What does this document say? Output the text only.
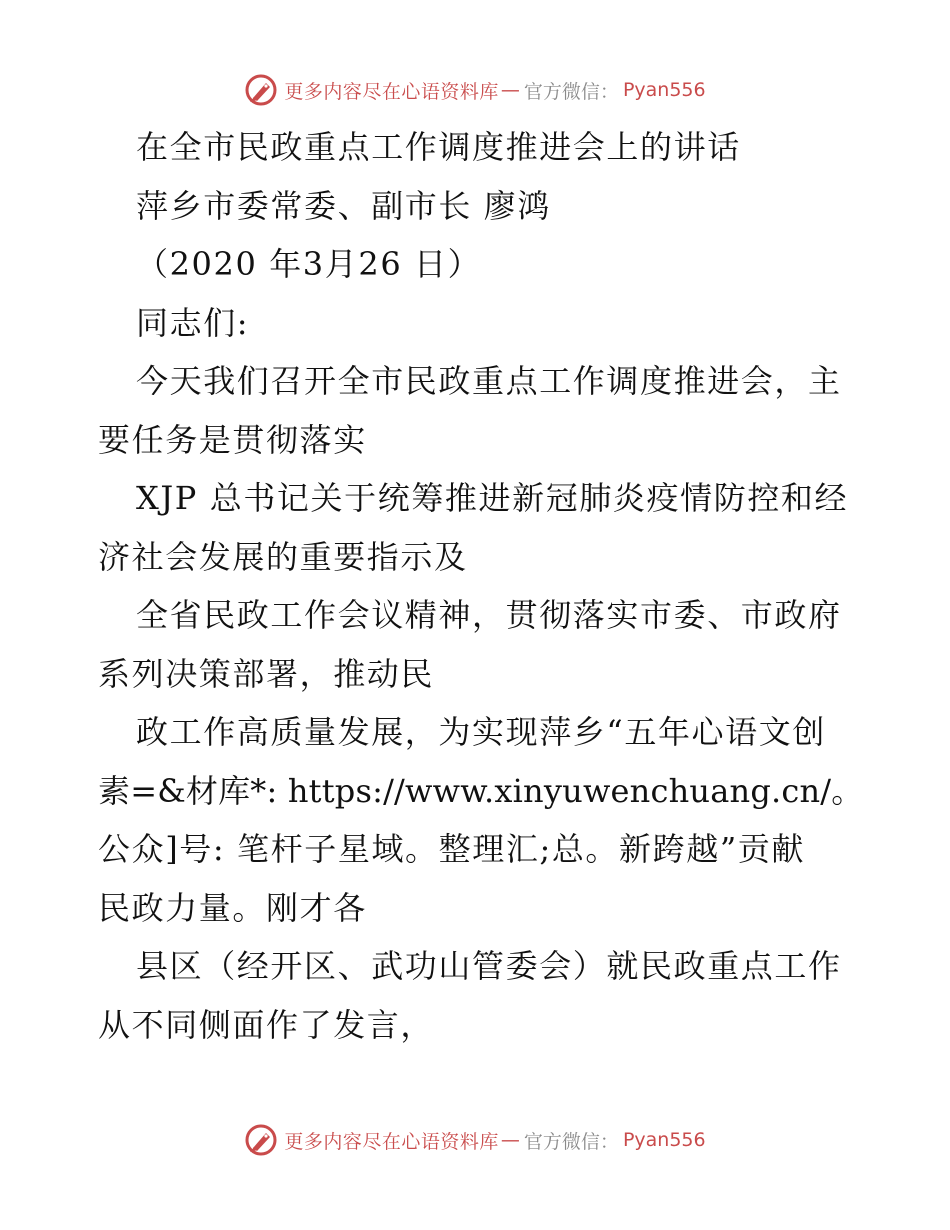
更多内容尽在心语资料库 — 官方微信： Pyan556
在全市民政重点工作调度推进会上的讲话
萍乡市委常委、副市长 廖鸿
（2020 年3月26 日）
同志们:
今天我们召开全市民政重点工作调度推进会，主
要任务是贯彻落实
XJP 总书记关于统筹推进新冠肺炎疫情防控和经
济社会发展的重要指示及
全省民政工作会议精神，贯彻落实市委、市政府
系列决策部署，推动民
政工作高质量发展，为实现萍乡“五年心语文创
素=&材库*: https://www.xinyuwenchuang.cn/。
公众]号: 笔杆子星域。整理汇;总。新跨越”贡献
民政力量。刚才各
县区（经开区、武功山管委会）就民政重点工作
从不同侧面作了发言，
更多内容尽在心语资料库 — 官方微信： Pyan556
